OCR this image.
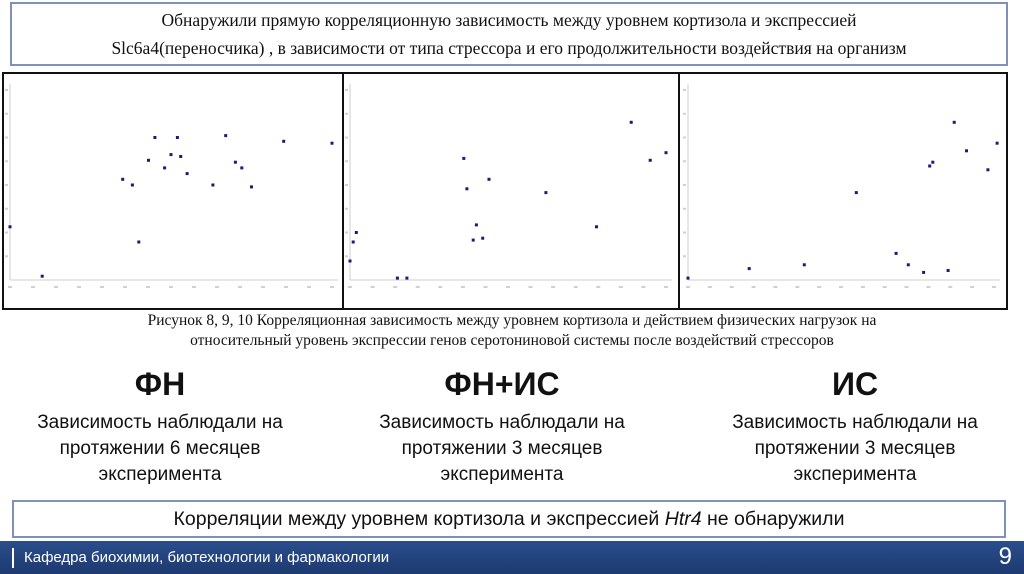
Обнаружили прямую корреляционную зависимость между уровнем кортизола и экспрессией
Slc6a4(переносчика) , в зависимости от типа стрессора и его продолжительности воздействия на организм
Рисунок 8, 9, 10 Корреляционная зависимость между уровнем кортизола и действием физических нагрузок на
относительный уровень экспрессии генов серотониновой системы после воздействий стрессоров
ФН
Зависимость наблюдали на
протяжении 6 месяцев
эксперимента
ФН+ИС
Зависимость наблюдали на
протяжении 3 месяцев
эксперимента
ИС
Зависимость наблюдали на
протяжении 3 месяцев
эксперимента
Корреляции между уровнем кортизола и экспрессией Htr4 не обнаружили
Кафедра биохимии, биотехнологии и фармакологии	9
